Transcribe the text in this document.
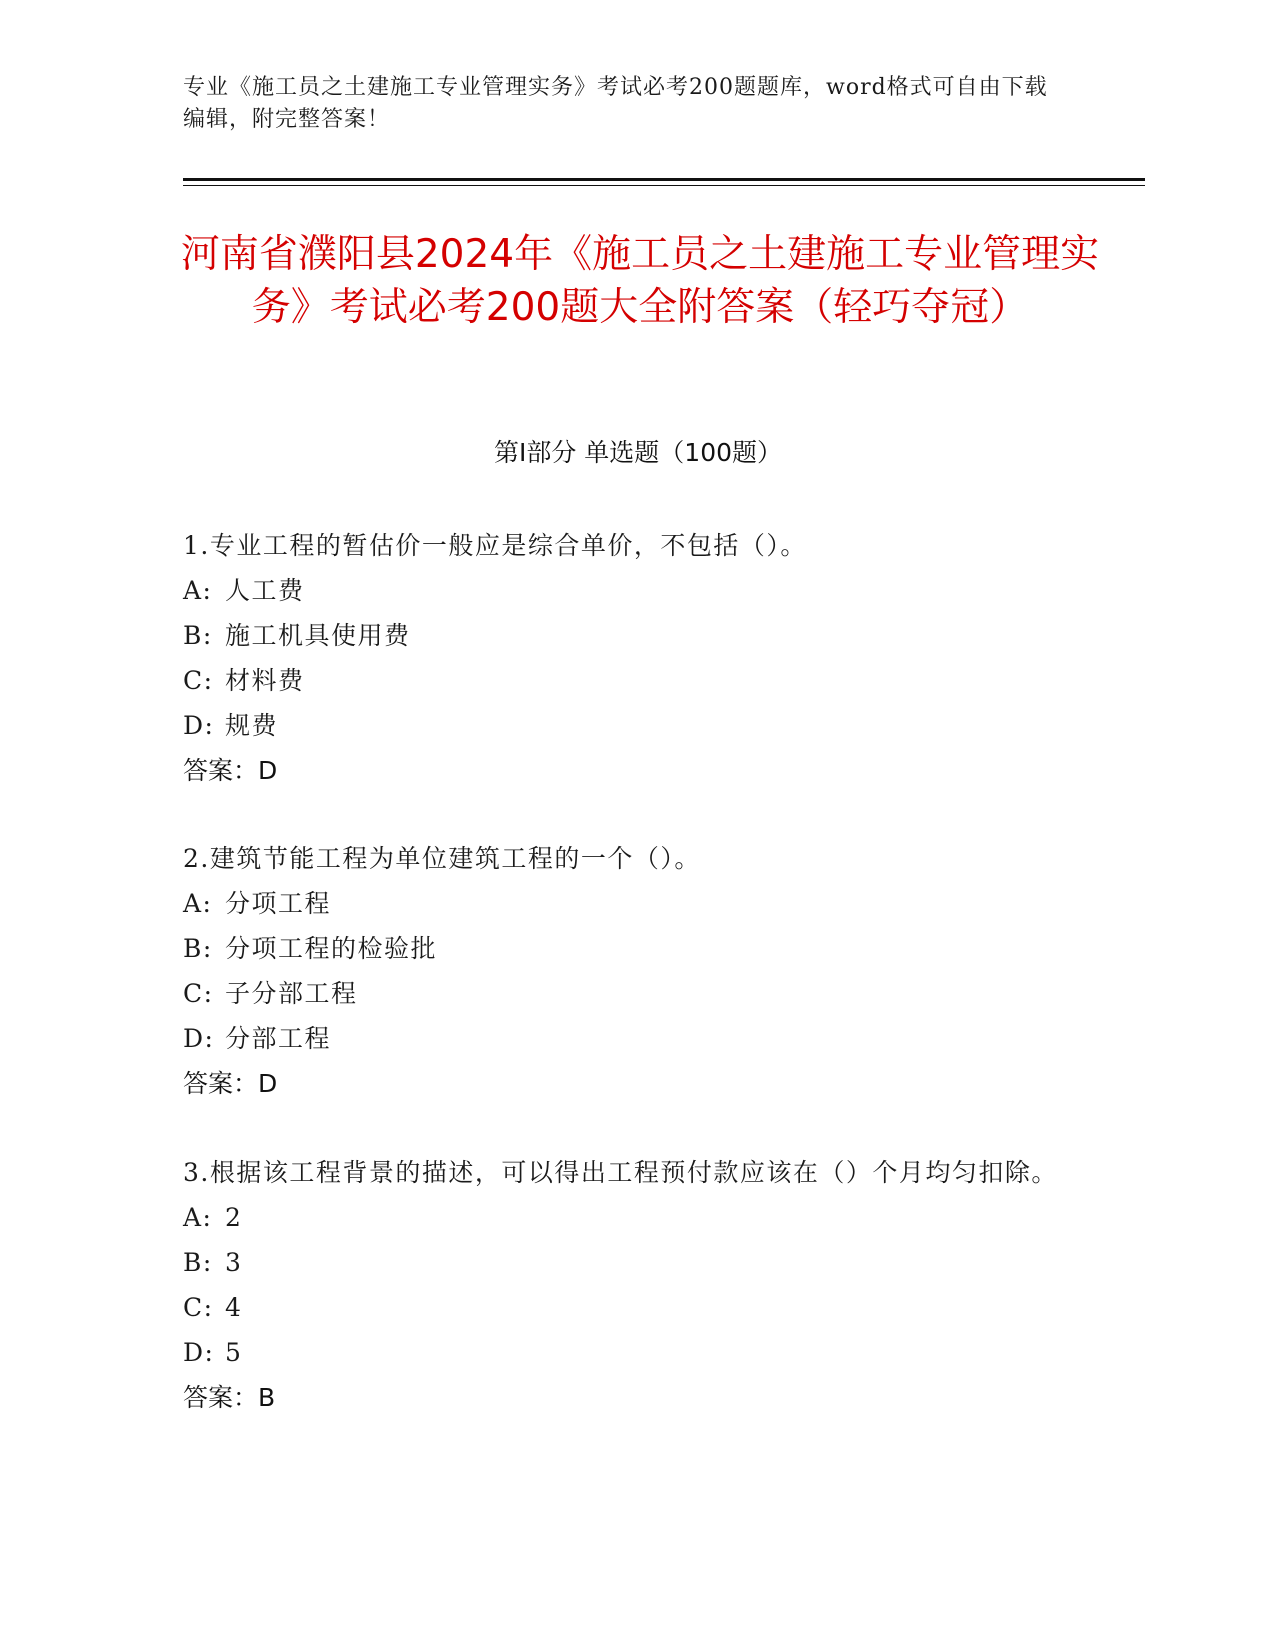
专业《施工员之土建施工专业管理实务》考试必考200题题库，word格式可自由下载编辑，附完整答案！
河南省濮阳县2024年《施工员之土建施工专业管理实务》考试必考200题大全附答案（轻巧夺冠）
第I部分 单选题（100题）
1.专业工程的暂估价一般应是综合单价，不包括（）。
A: 人工费
B: 施工机具使用费
C: 材料费
D: 规费
答案：D
2.建筑节能工程为单位建筑工程的一个（）。
A: 分项工程
B: 分项工程的检验批
C: 子分部工程
D: 分部工程
答案：D
3.根据该工程背景的描述，可以得出工程预付款应该在（）个月均匀扣除。
A: 2
B: 3
C: 4
D: 5
答案：B
